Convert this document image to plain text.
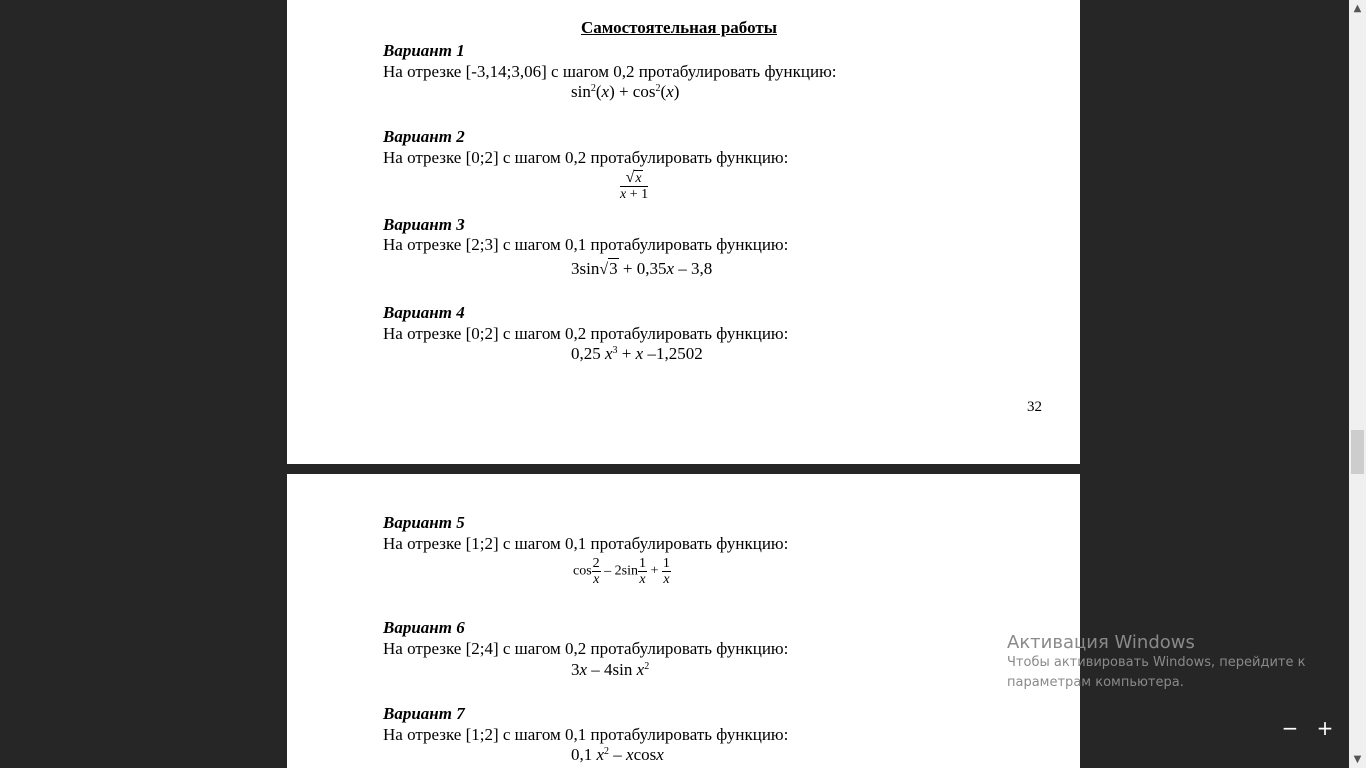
Самостоятельная работы
Вариант 1
На отрезке [-3,14;3,06] с шагом 0,2 протабулировать функцию:
$\sin^2(x) + \cos^2(x)$
Вариант 2
На отрезке [0;2] с шагом 0,2 протабулировать функцию:
$\frac{√x}{x + 1}$
Вариант 3
На отрезке [2;3] с шагом 0,1 протабулировать функцию:
3sin√3 + 0,35x – 3,8
Вариант 4
На отрезке [0;2] с шагом 0,2 протабулировать функцию:
0,25 $x^3 + x$ –1,2502
32
Вариант 5
На отрезке [1;2] с шагом 0,1 протабулировать функцию:
$\cos \frac{2}{x} - 2\sin \frac{1}{x} + \frac{1}{x}$
Вариант 6
На отрезке [2;4] с шагом 0,2 протабулировать функцию:
3x – 4sin $x^2$
Вариант 7
На отрезке [1;2] с шагом 0,1 протабулировать функцию:
0,1 $x^2$ – xcosx
Активация Windows
Чтобы активировать Windows, перейдите к
параметрам компьютера.
− +
▲
▼
